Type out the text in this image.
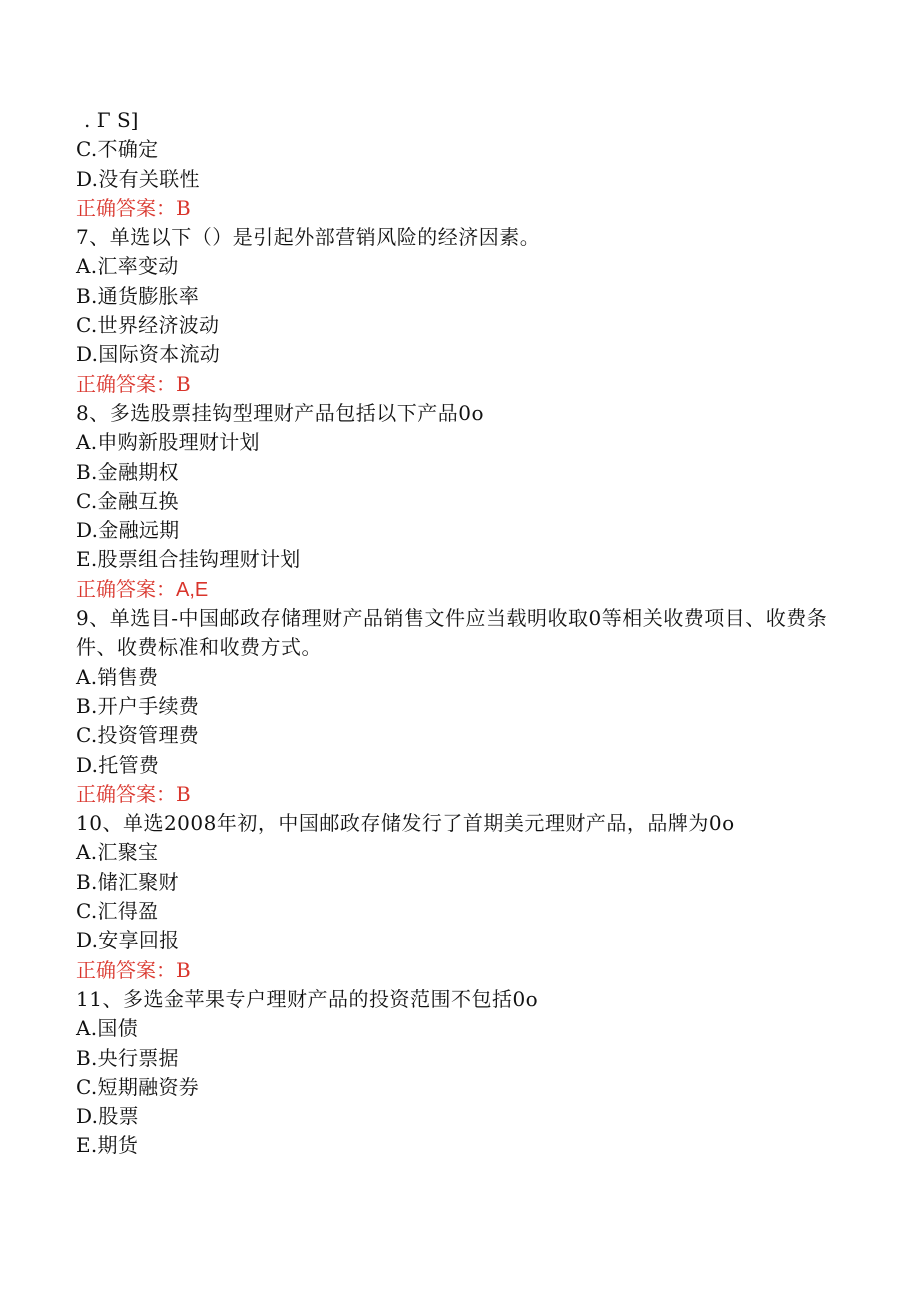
. Γ S]

C.不确定

D.没有关联性

正确答案：B

7、单选以下（）是引起外部营销风险的经济因素。

A.汇率变动

B.通货膨胀率

C.世界经济波动

D.国际资本流动

正确答案：B

8、多选股票挂钩型理财产品包括以下产品0o

A.申购新股理财计划

B.金融期权

C.金融互换

D.金融远期

E.股票组合挂钩理财计划

正确答案：A,E

9、单选目-中国邮政存储理财产品销售文件应当载明收取0等相关收费项目、收费条件、收费标准和收费方式。

A.销售费

B.开户手续费

C.投资管理费

D.托管费

正确答案：B

10、单选2008年初，中国邮政存储发行了首期美元理财产品，品牌为0o

A.汇聚宝

B.储汇聚财

C.汇得盈

D.安享回报

正确答案：B

11、多选金苹果专户理财产品的投资范围不包括0o

A.国债

B.央行票据

C.短期融资券

D.股票

E.期货
